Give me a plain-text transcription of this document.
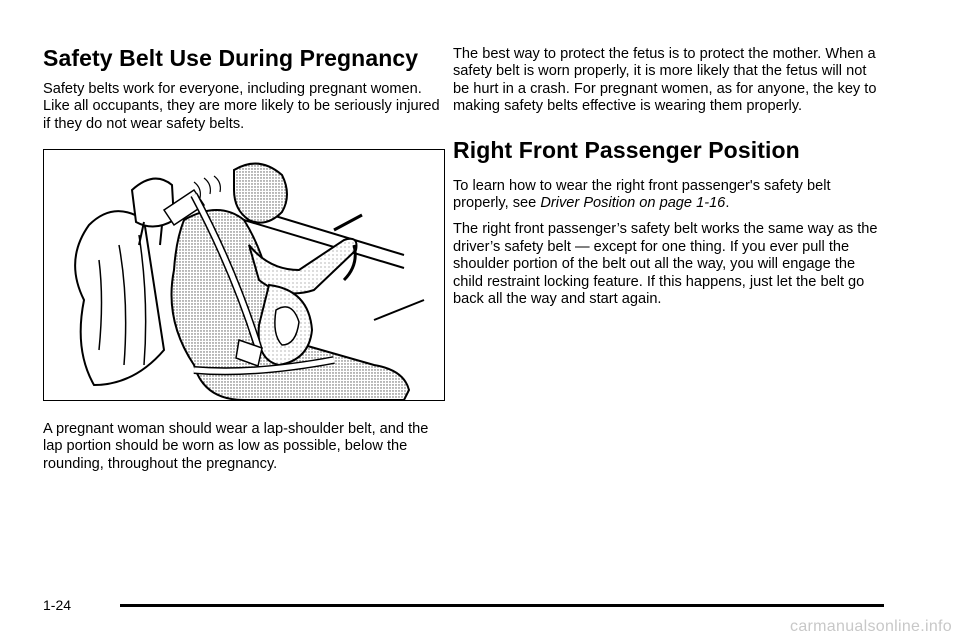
Safety Belt Use During Pregnancy

Safety belts work for everyone, including pregnant women. Like all occupants, they are more likely to be seriously injured if they do not wear safety belts.

A pregnant woman should wear a lap-shoulder belt, and the lap portion should be worn as low as possible, below the rounding, throughout the pregnancy.

The best way to protect the fetus is to protect the mother. When a safety belt is worn properly, it is more likely that the fetus will not be hurt in a crash. For pregnant women, as for anyone, the key to making safety belts effective is wearing them properly.

Right Front Passenger Position

To learn how to wear the right front passenger's safety belt properly, see Driver Position on page 1-16.

The right front passenger’s safety belt works the same way as the driver’s safety belt — except for one thing. If you ever pull the shoulder portion of the belt out all the way, you will engage the child restraint locking feature. If this happens, just let the belt go back all the way and start again.

1-24
carmanualsonline.info
